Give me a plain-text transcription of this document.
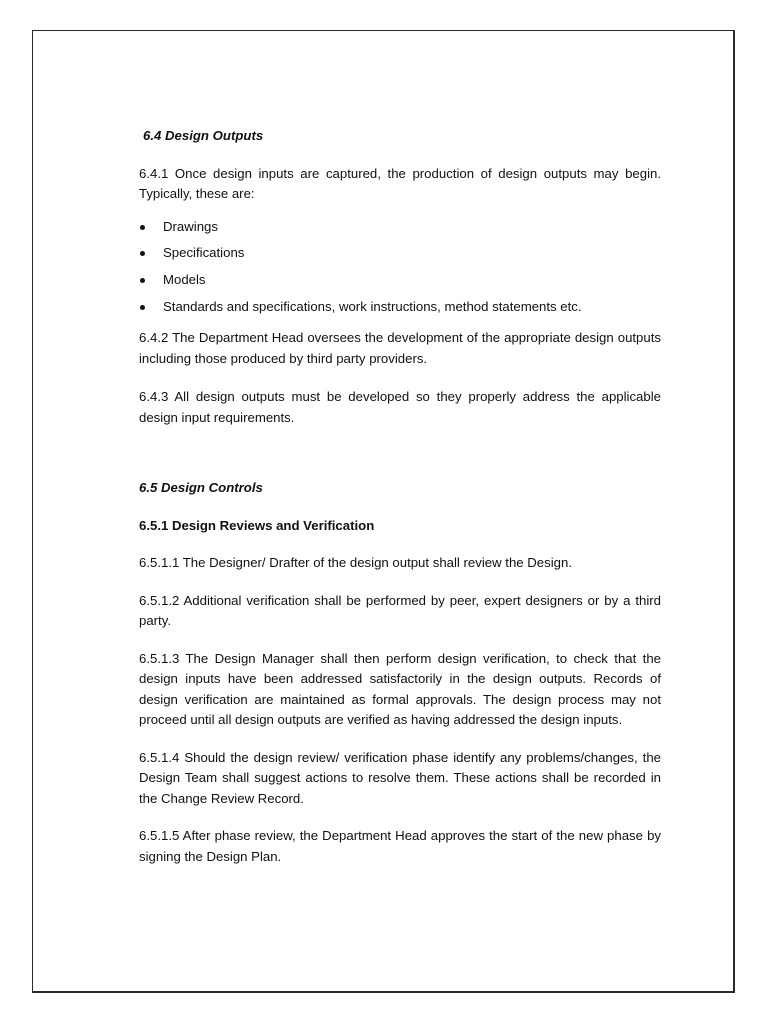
6.4 Design Outputs

6.4.1 Once design inputs are captured, the production of design outputs may begin. Typically, these are:

Drawings
Specifications
Models
Standards and specifications, work instructions, method statements etc.

6.4.2 The Department Head oversees the development of the appropriate design outputs including those produced by third party providers.

6.4.3 All design outputs must be developed so they properly address the applicable design input requirements.

6.5 Design Controls

6.5.1 Design Reviews and Verification

6.5.1.1 The Designer/ Drafter of the design output shall review the Design.

6.5.1.2 Additional verification shall be performed by peer, expert designers or by a third party.

6.5.1.3 The Design Manager shall then perform design verification, to check that the design inputs have been addressed satisfactorily in the design outputs. Records of design verification are maintained as formal approvals. The design process may not proceed until all design outputs are verified as having addressed the design inputs.

6.5.1.4 Should the design review/ verification phase identify any problems/changes, the Design Team shall suggest actions to resolve them. These actions shall be recorded in the Change Review Record.

6.5.1.5 After phase review, the Department Head approves the start of the new phase by signing the Design Plan.
